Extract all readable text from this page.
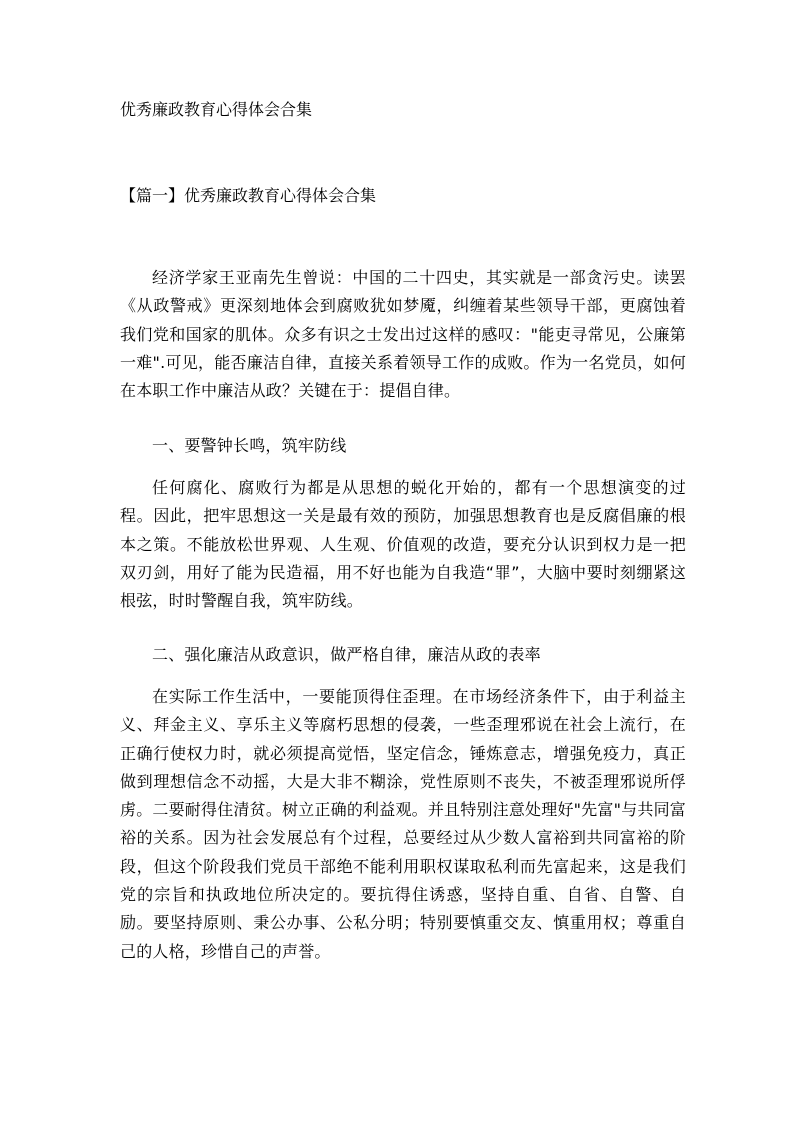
优秀廉政教育心得体会合集
【篇一】优秀廉政教育心得体会合集

经济学家王亚南先生曾说：中国的二十四史，其实就是一部贪污史。读罢《从政警戒》更深刻地体会到腐败犹如梦魇，纠缠着某些领导干部，更腐蚀着我们党和国家的肌体。众多有识之士发出过这样的感叹："能吏寻常见，公廉第一难".可见，能否廉洁自律，直接关系着领导工作的成败。作为一名党员，如何在本职工作中廉洁从政？关键在于：提倡自律。

一、要警钟长鸣，筑牢防线

任何腐化、腐败行为都是从思想的蜕化开始的，都有一个思想演变的过程。因此，把牢思想这一关是最有效的预防，加强思想教育也是反腐倡廉的根本之策。不能放松世界观、人生观、价值观的改造，要充分认识到权力是一把双刃剑，用好了能为民造福，用不好也能为自我造“罪”，大脑中要时刻绷紧这根弦，时时警醒自我，筑牢防线。

二、强化廉洁从政意识，做严格自律，廉洁从政的表率

在实际工作生活中，一要能顶得住歪理。在市场经济条件下，由于利益主义、拜金主义、享乐主义等腐朽思想的侵袭，一些歪理邪说在社会上流行，在正确行使权力时，就必须提高觉悟，坚定信念，锤炼意志，增强免疫力，真正做到理想信念不动摇，大是大非不糊涂，党性原则不丧失，不被歪理邪说所俘虏。二要耐得住清贫。树立正确的利益观。并且特别注意处理好"先富"与共同富裕的关系。因为社会发展总有个过程，总要经过从少数人富裕到共同富裕的阶段，但这个阶段我们党员干部绝不能利用职权谋取私利而先富起来，这是我们党的宗旨和执政地位所决定的。要抗得住诱惑，坚持自重、自省、自警、自励。要坚持原则、秉公办事、公私分明；特别要慎重交友、慎重用权；尊重自己的人格，珍惜自己的声誉。
